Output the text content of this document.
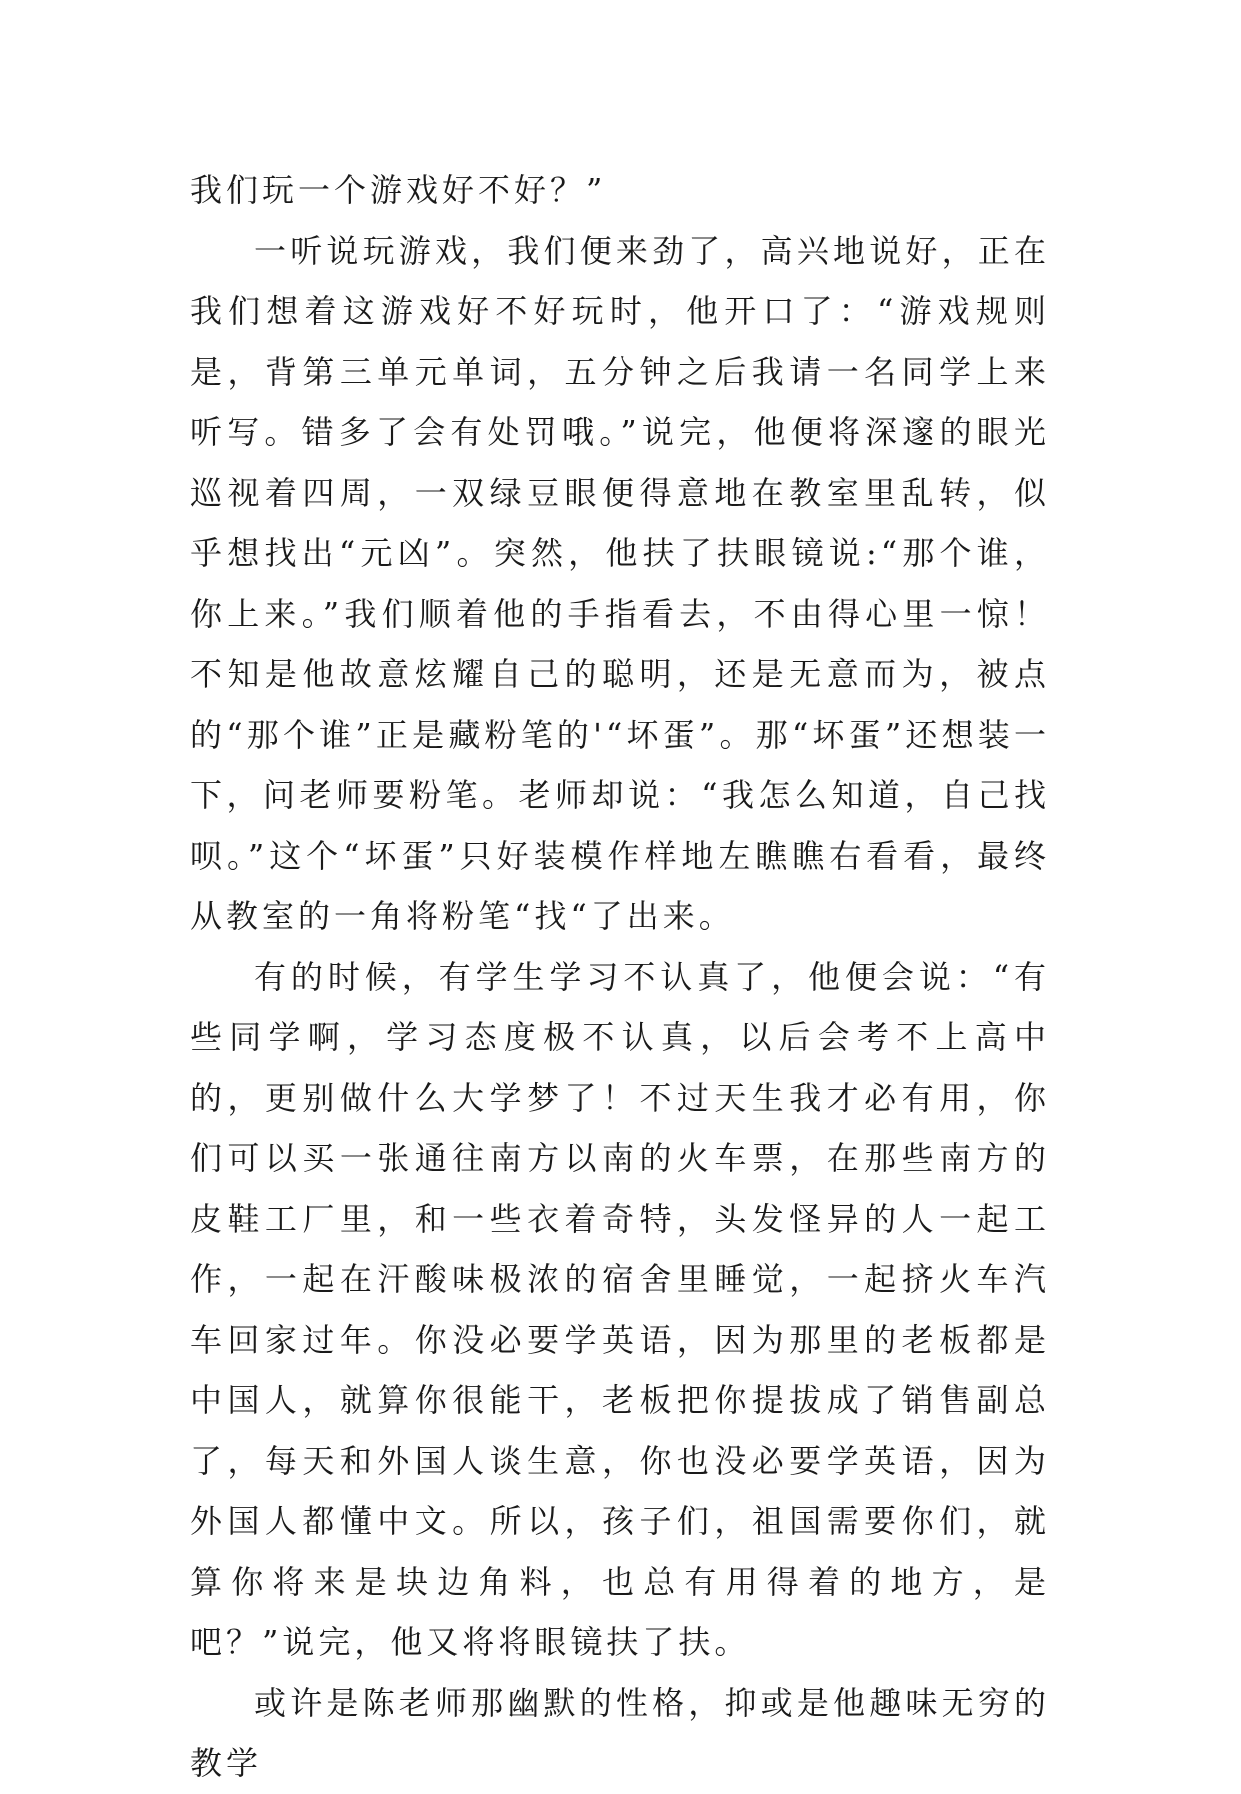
我们玩一个游戏好不好？”

一听说玩游戏，我们便来劲了，高兴地说好，正在我们想着这游戏好不好玩时，他开口了：“游戏规则是，背第三单元单词，五分钟之后我请一名同学上来听写。错多了会有处罚哦。”说完，他便将深邃的眼光巡视着四周，一双绿豆眼便得意地在教室里乱转，似乎想找出“元凶”。突然，他扶了扶眼镜说:“那个谁，你上来。”我们顺着他的手指看去，不由得心里一惊！不知是他故意炫耀自己的聪明，还是无意而为，被点的“那个谁”正是藏粉笔的'“坏蛋”。那“坏蛋”还想装一下，问老师要粉笔。老师却说：“我怎么知道，自己找呗。”这个“坏蛋”只好装模作样地左瞧瞧右看看，最终从教室的一角将粉笔“找“了出来。

有的时候，有学生学习不认真了，他便会说：“有些同学啊，学习态度极不认真，以后会考不上高中的，更别做什么大学梦了！不过天生我才必有用，你们可以买一张通往南方以南的火车票，在那些南方的皮鞋工厂里，和一些衣着奇特，头发怪异的人一起工作，一起在汗酸味极浓的宿舍里睡觉，一起挤火车汽车回家过年。你没必要学英语，因为那里的老板都是中国人，就算你很能干，老板把你提拔成了销售副总了，每天和外国人谈生意，你也没必要学英语，因为外国人都懂中文。所以，孩子们，祖国需要你们，就算你将来是块边角料，也总有用得着的地方，是吧？”说完，他又将将眼镜扶了扶。

或许是陈老师那幽默的性格，抑或是他趣味无穷的教学
